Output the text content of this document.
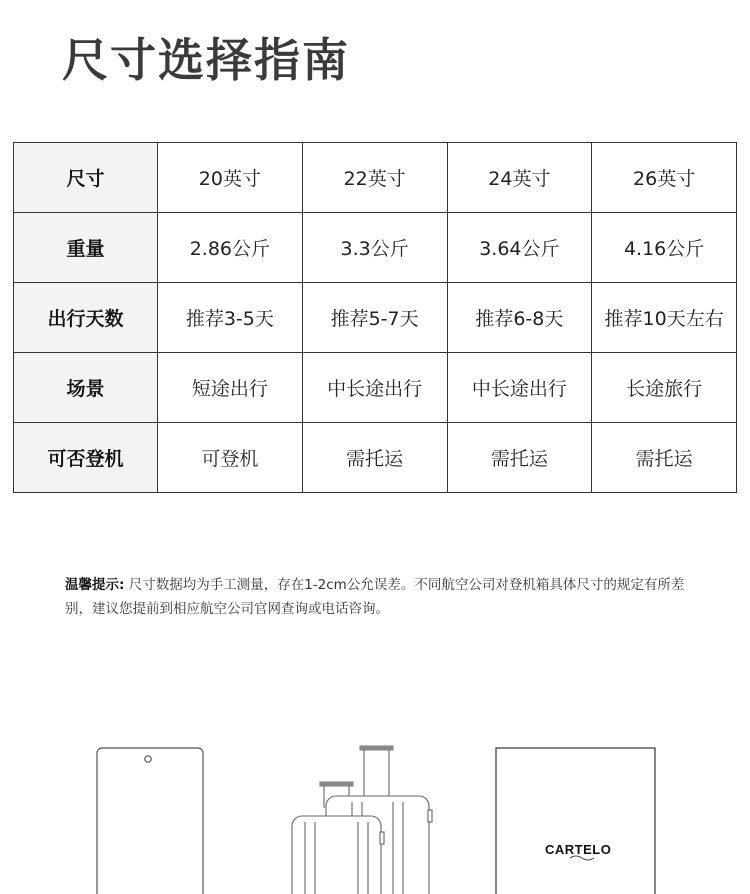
尺寸选择指南
尺寸	20英寸	22英寸	24英寸	26英寸
重量	2.86公斤	3.3公斤	3.64公斤	4.16公斤
出行天数	推荐3-5天	推荐5-7天	推荐6-8天	推荐10天左右
场景	短途出行	中长途出行	中长途出行	长途旅行
可否登机	可登机	需托运	需托运	需托运
温馨提示: 尺寸数据均为手工测量，存在1-2cm公允误差。不同航空公司对登机箱具体尺寸的规定有所差别，建议您提前到相应航空公司官网查询或电话咨询。
CARTELO
